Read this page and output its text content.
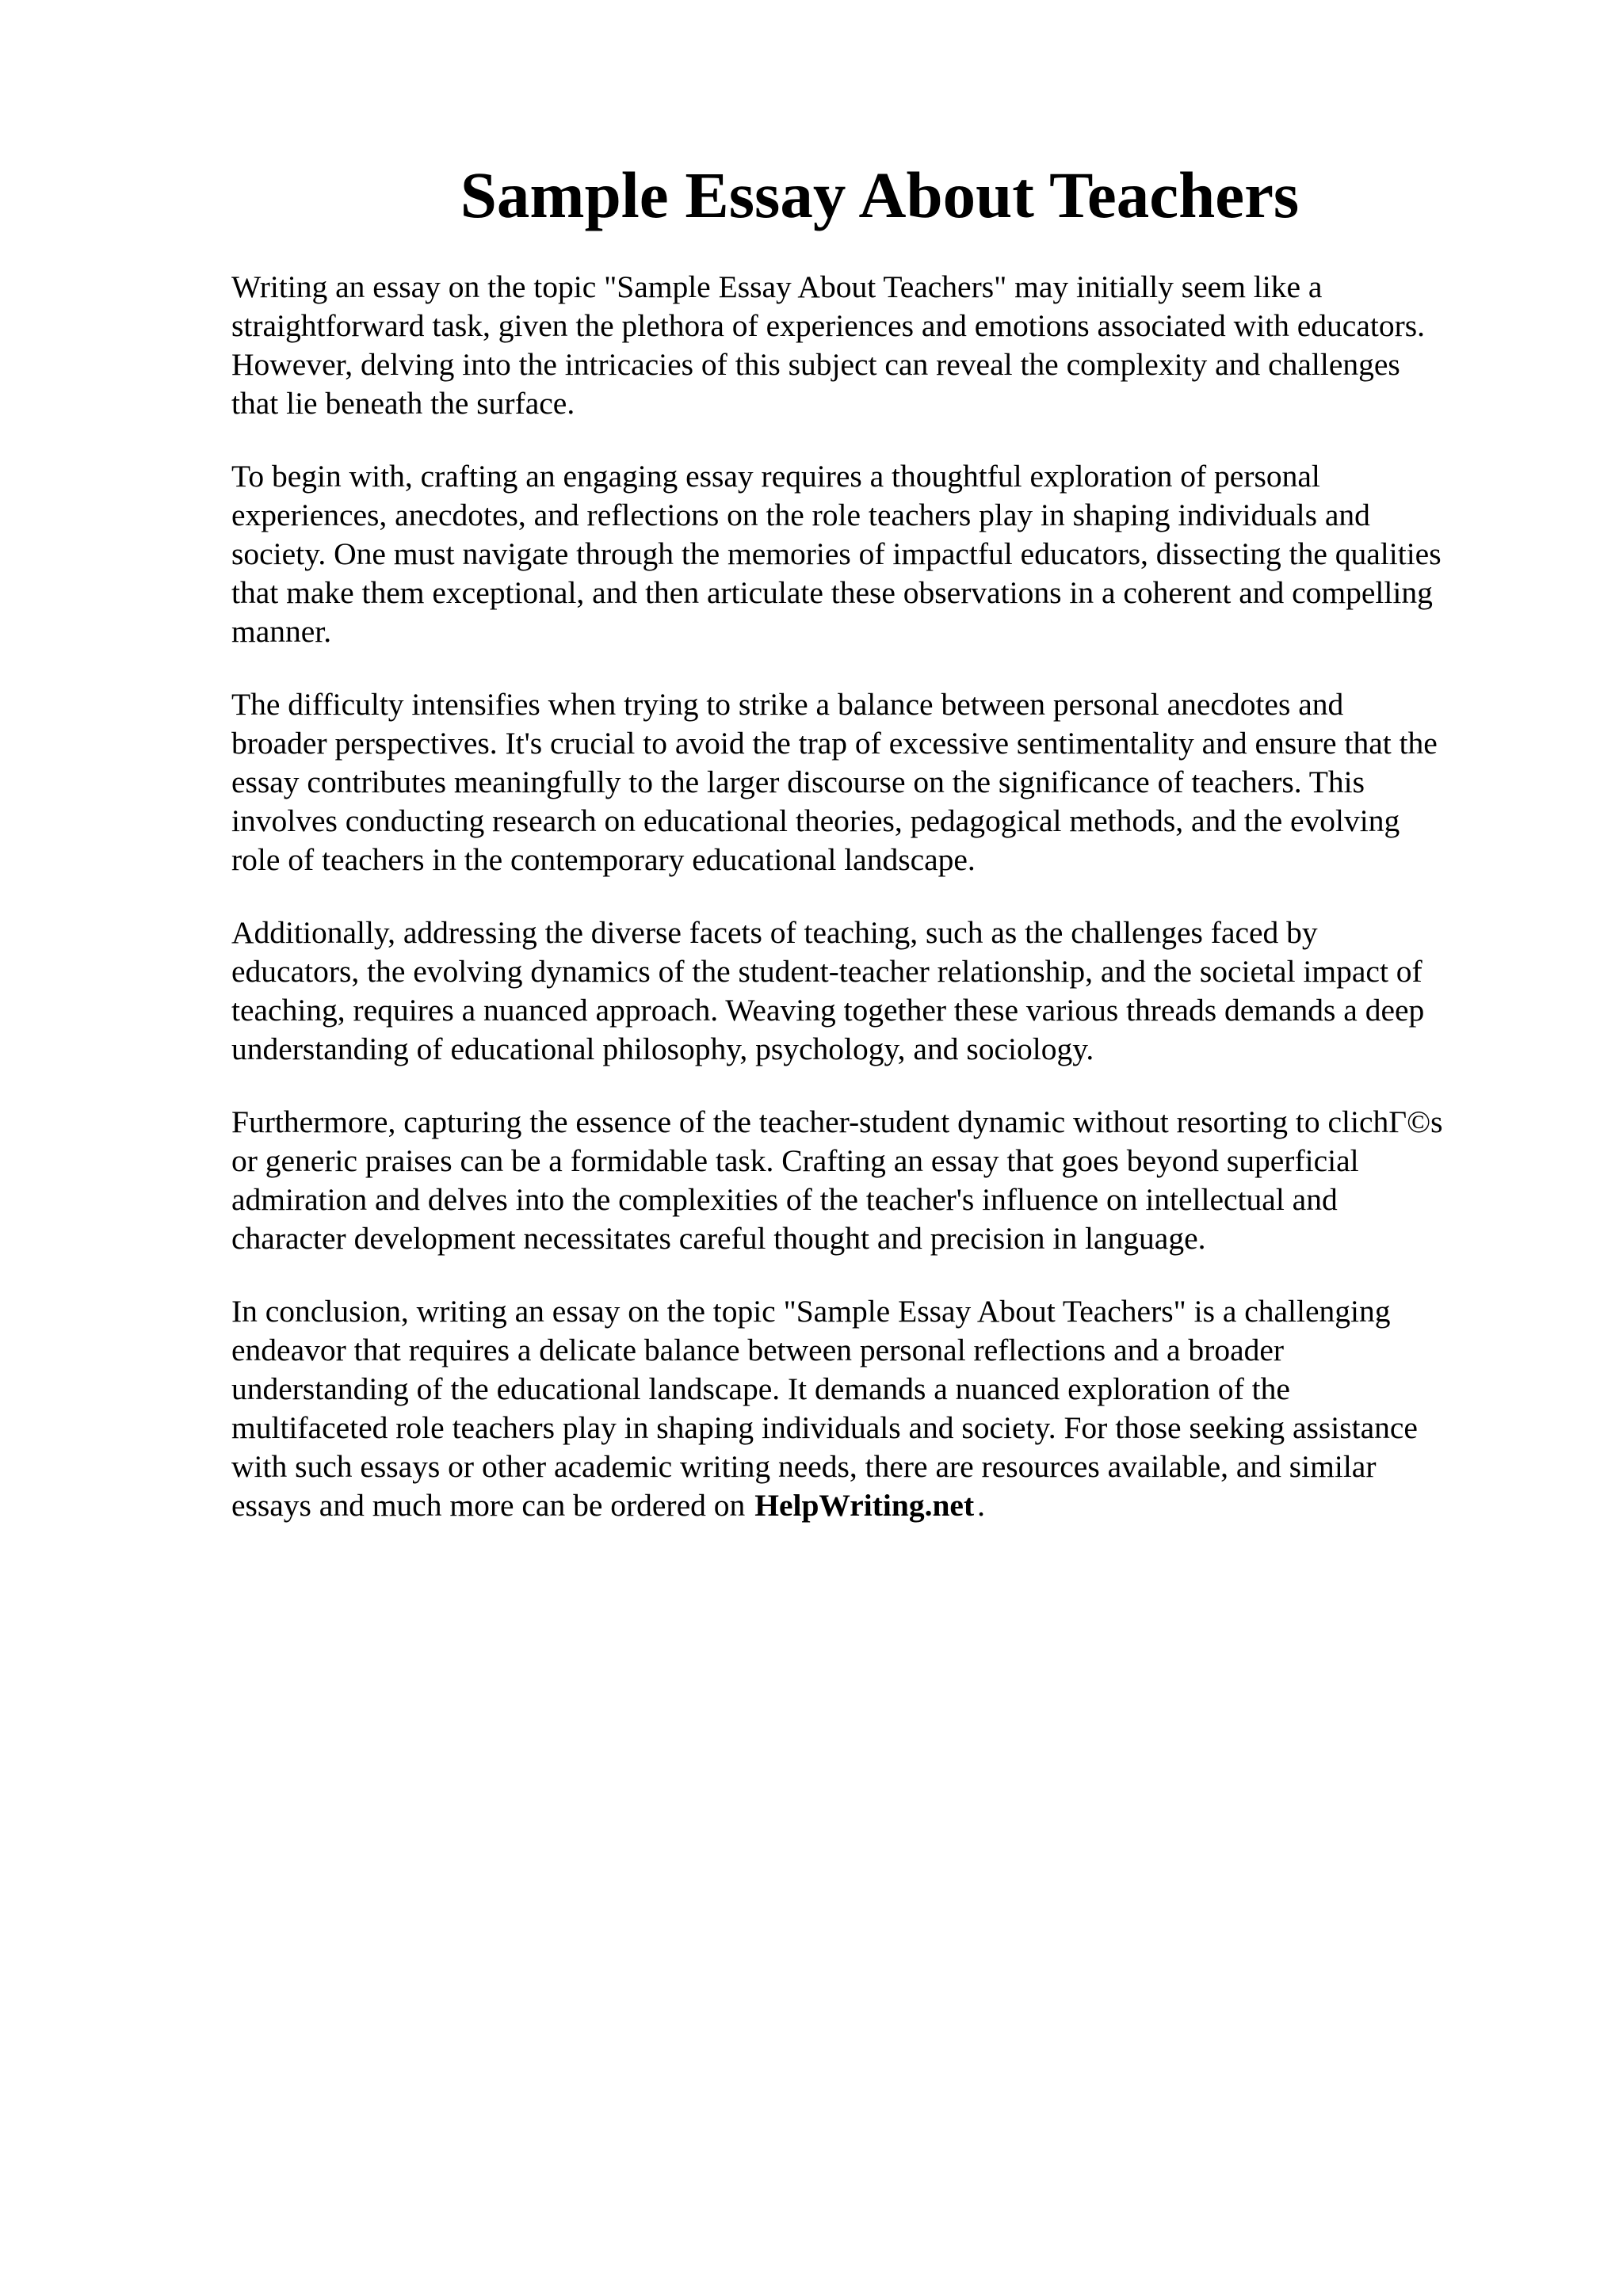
Sample Essay About Teachers

Writing an essay on the topic "Sample Essay About Teachers" may initially seem like a
straightforward task, given the plethora of experiences and emotions associated with educators.
However, delving into the intricacies of this subject can reveal the complexity and challenges
that lie beneath the surface.

To begin with, crafting an engaging essay requires a thoughtful exploration of personal
experiences, anecdotes, and reflections on the role teachers play in shaping individuals and
society. One must navigate through the memories of impactful educators, dissecting the qualities
that make them exceptional, and then articulate these observations in a coherent and compelling
manner.

The difficulty intensifies when trying to strike a balance between personal anecdotes and
broader perspectives. It's crucial to avoid the trap of excessive sentimentality and ensure that the
essay contributes meaningfully to the larger discourse on the significance of teachers. This
involves conducting research on educational theories, pedagogical methods, and the evolving
role of teachers in the contemporary educational landscape.

Additionally, addressing the diverse facets of teaching, such as the challenges faced by
educators, the evolving dynamics of the student-teacher relationship, and the societal impact of
teaching, requires a nuanced approach. Weaving together these various threads demands a deep
understanding of educational philosophy, psychology, and sociology.

Furthermore, capturing the essence of the teacher-student dynamic without resorting to clichΓ©s
or generic praises can be a formidable task. Crafting an essay that goes beyond superficial
admiration and delves into the complexities of the teacher's influence on intellectual and
character development necessitates careful thought and precision in language.

In conclusion, writing an essay on the topic "Sample Essay About Teachers" is a challenging
endeavor that requires a delicate balance between personal reflections and a broader
understanding of the educational landscape. It demands a nuanced exploration of the
multifaceted role teachers play in shaping individuals and society. For those seeking assistance
with such essays or other academic writing needs, there are resources available, and similar
essays and much more can be ordered on HelpWriting.net .
